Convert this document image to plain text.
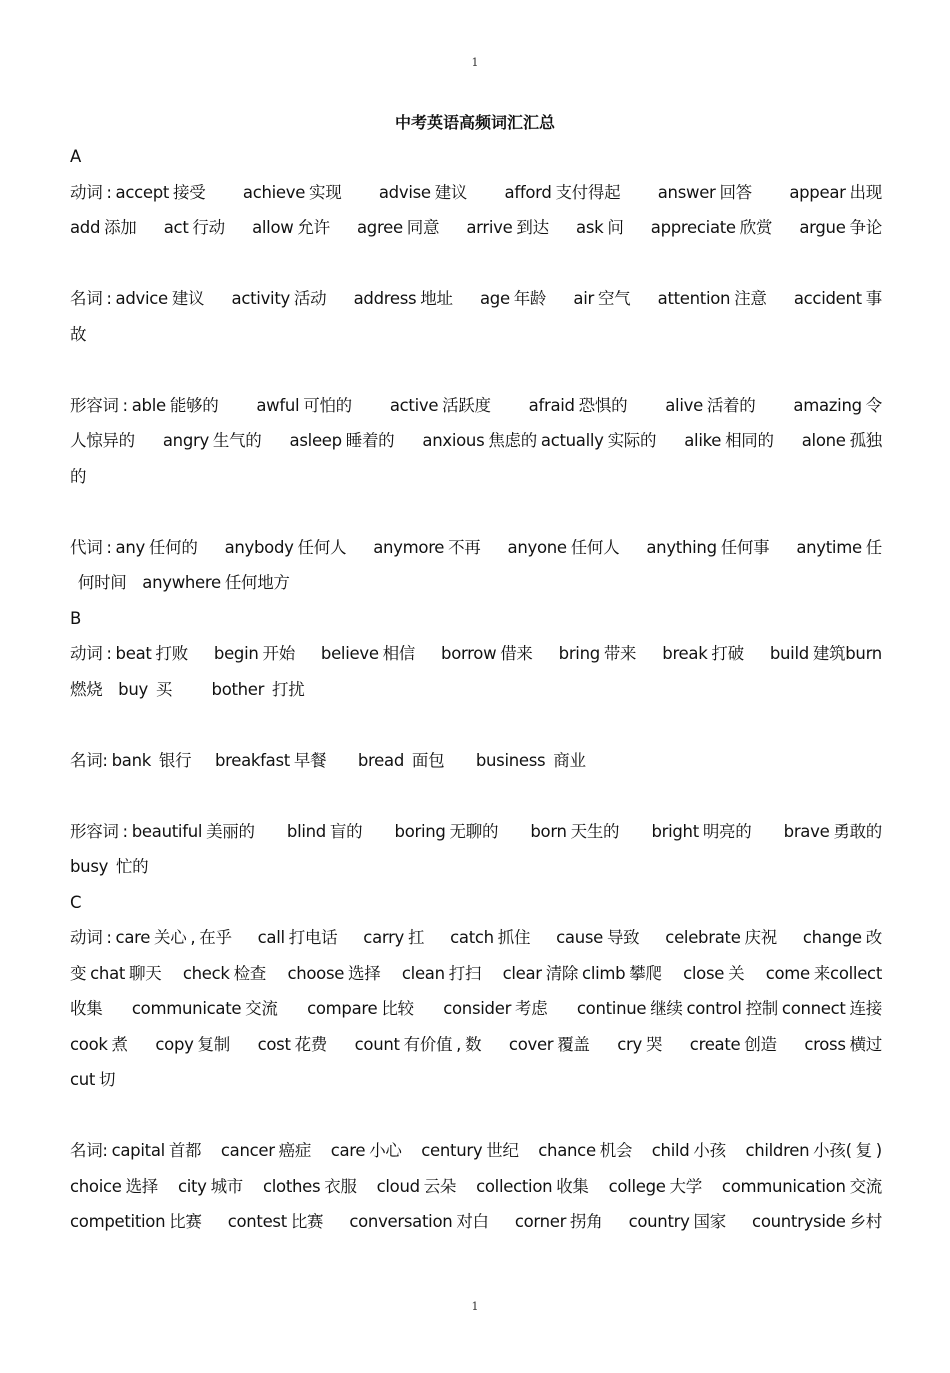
1
中考英语高频词汇汇总
A
动词 : accept 接受 achieve 实现 advise 建议 afford 支付得起 answer 回答 appear 出现
add 添加 act 行动 allow 允许 agree 同意 arrive 到达 ask 问 appreciate 欣赏 argue 争论
名词 : advice 建议 activity 活动 address 地址 age 年龄 air 空气 attention 注意 accident 事
故
形容词 : able 能够的 awful 可怕的 active 活跃度 afraid 恐惧的 alive 活着的 amazing 令
人惊异的 angry 生气的 asleep 睡着的 anxious 焦虑的 actually 实际的 alike 相同的 alone 孤独
的
代词 : any 任何的 anybody 任何人 anymore 不再 anyone 任何人 anything 任何事 anytime 任
何时间    anywhere 任何地方
B
动词 : beat 打败 begin 开始 believe 相信 borrow 借来 bring 带来 break 打破 build 建筑burn
燃烧    buy  买          bother  打扰
名词: bank  银行      breakfast 早餐        bread  面包        business  商业
形容词 : beautiful 美丽的 blind 盲的 boring 无聊的 born 天生的 bright 明亮的 brave 勇敢的
busy  忙的
C
动词 : care 关心 , 在乎 call 打电话 carry 扛 catch 抓住 cause 导致 celebrate 庆祝 change 改
变 chat 聊天 check 检查 choose 选择 clean 打扫 clear 清除 climb 攀爬 close 关 come 来collect
收集 communicate 交流 compare 比较 consider 考虑 continue 继续 control 控制 connect 连接
cook 煮 copy 复制 cost 花费 count 有价值 , 数 cover 覆盖 cry 哭 create 创造 cross 横过
cut 切
名词: capital 首都 cancer 癌症 care 小心 century 世纪 chance 机会 child 小孩 children 小孩( 复 )
choice 选择 city 城市 clothes 衣服 cloud 云朵 collection 收集 college 大学 communication 交流
competition 比赛 contest 比赛 conversation 对白 corner 拐角 country 国家 countryside 乡村
1
